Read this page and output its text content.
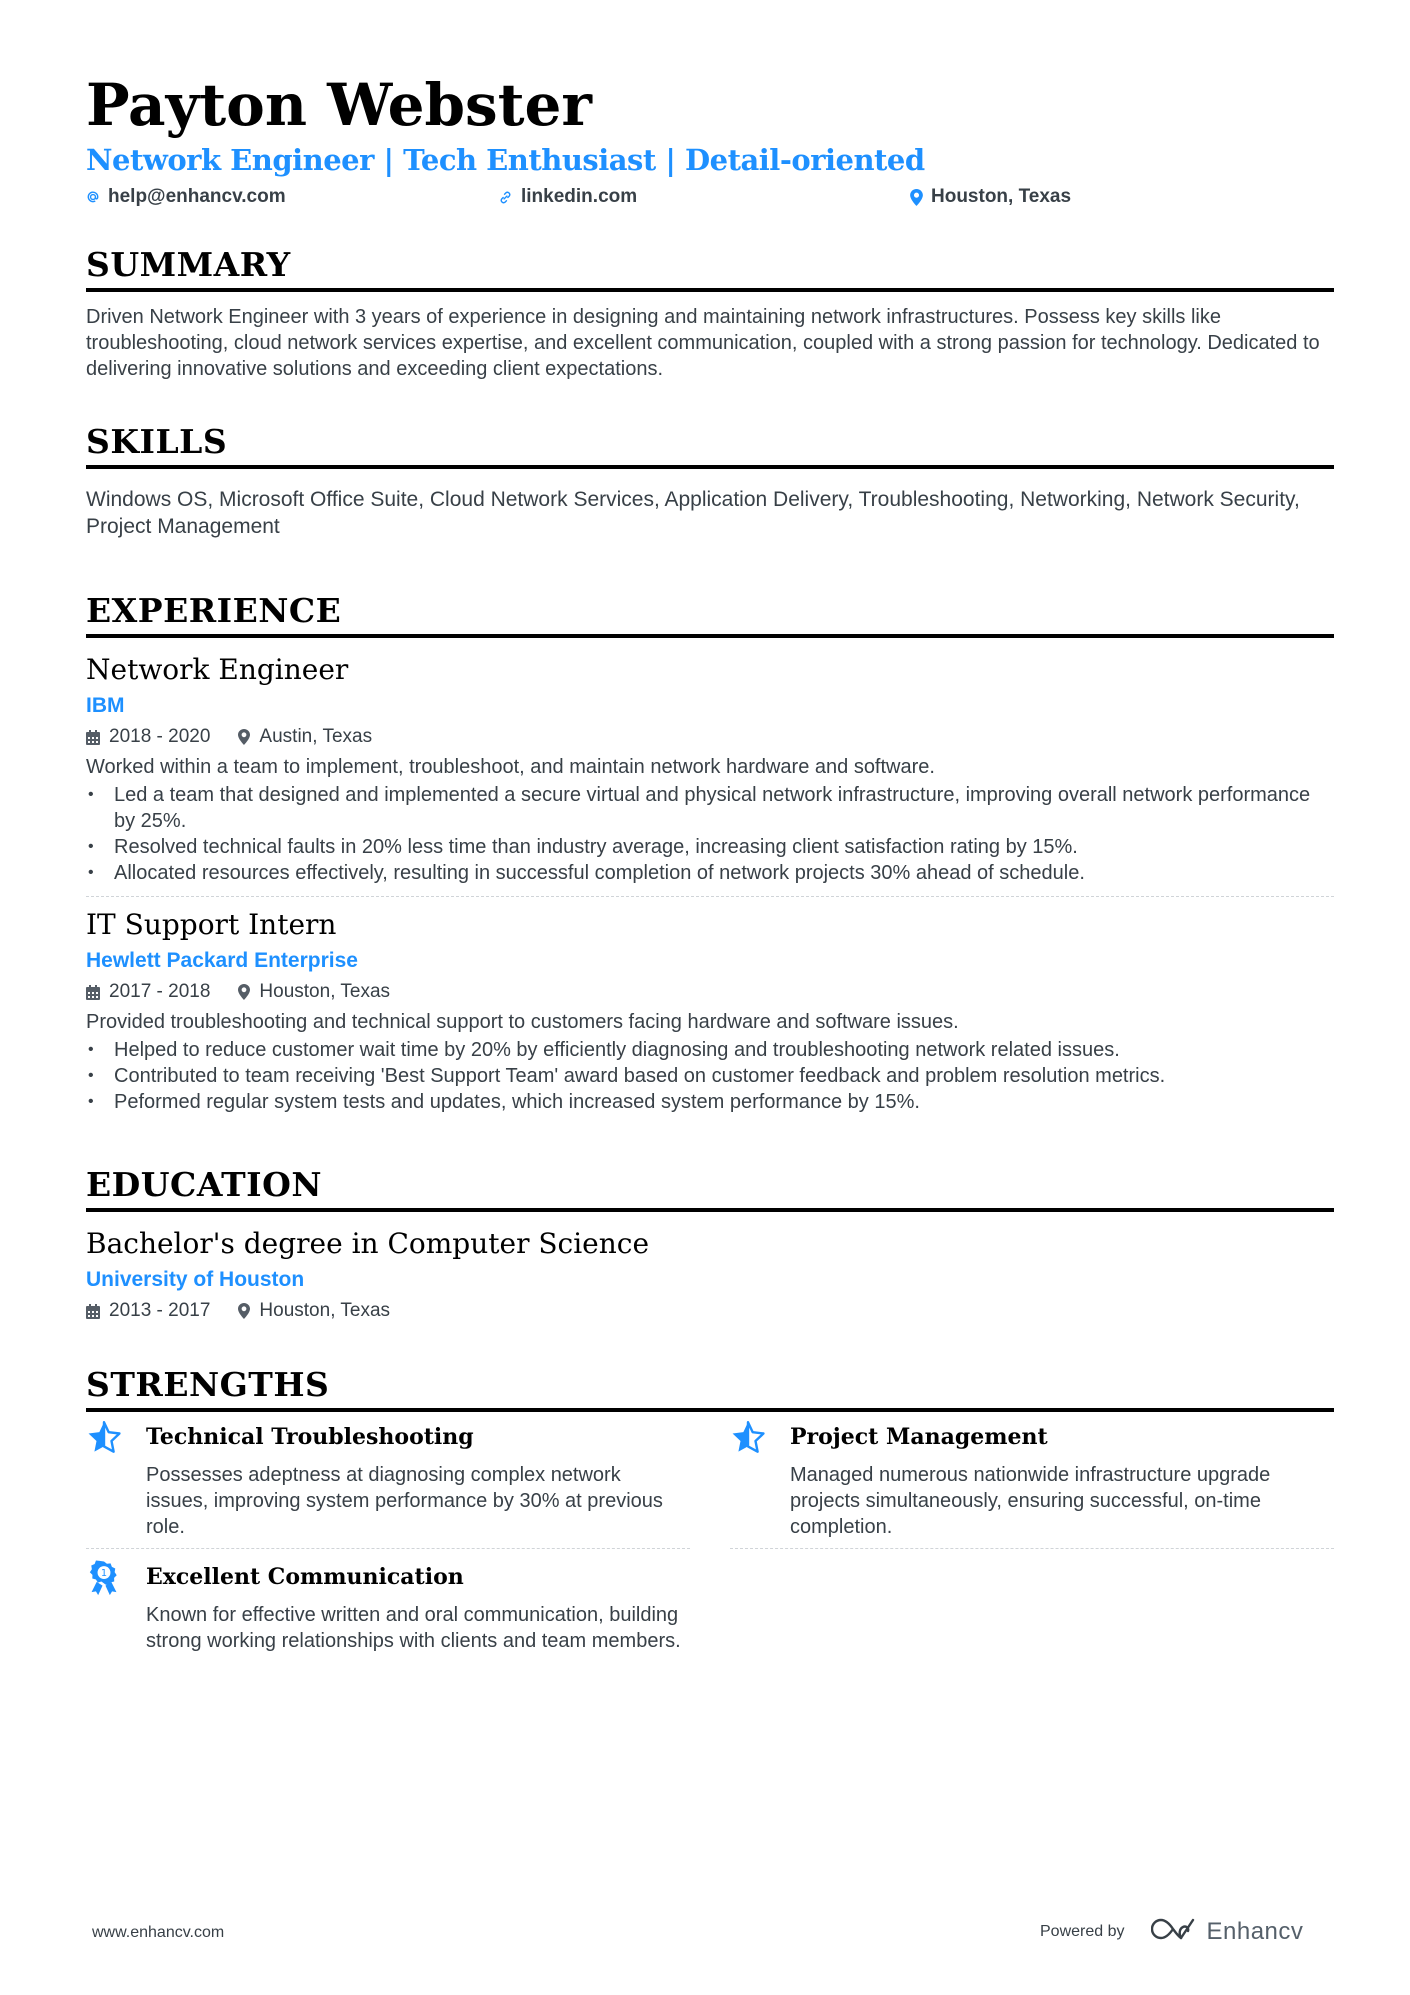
Payton Webster
Network Engineer | Tech Enthusiast | Detail-oriented
help@enhancv.com	linkedin.com	Houston, Texas
SUMMARY
Driven Network Engineer with 3 years of experience in designing and maintaining network infrastructures. Possess key skills like troubleshooting, cloud network services expertise, and excellent communication, coupled with a strong passion for technology. Dedicated to delivering innovative solutions and exceeding client expectations.
SKILLS
Windows OS, Microsoft Office Suite, Cloud Network Services, Application Delivery, Troubleshooting, Networking, Network Security, Project Management
EXPERIENCE
Network Engineer
IBM
2018 - 2020	Austin, Texas
Worked within a team to implement, troubleshoot, and maintain network hardware and software.
• Led a team that designed and implemented a secure virtual and physical network infrastructure, improving overall network performance by 25%.
• Resolved technical faults in 20% less time than industry average, increasing client satisfaction rating by 15%.
• Allocated resources effectively, resulting in successful completion of network projects 30% ahead of schedule.
IT Support Intern
Hewlett Packard Enterprise
2017 - 2018	Houston, Texas
Provided troubleshooting and technical support to customers facing hardware and software issues.
• Helped to reduce customer wait time by 20% by efficiently diagnosing and troubleshooting network related issues.
• Contributed to team receiving 'Best Support Team' award based on customer feedback and problem resolution metrics.
• Peformed regular system tests and updates, which increased system performance by 15%.
EDUCATION
Bachelor's degree in Computer Science
University of Houston
2013 - 2017	Houston, Texas
STRENGTHS
Technical Troubleshooting
Possesses adeptness at diagnosing complex network issues, improving system performance by 30% at previous role.
Project Management
Managed numerous nationwide infrastructure upgrade projects simultaneously, ensuring successful, on-time completion.
1 Excellent Communication
Known for effective written and oral communication, building strong working relationships with clients and team members.
www.enhancv.com	Powered by	Enhancv
